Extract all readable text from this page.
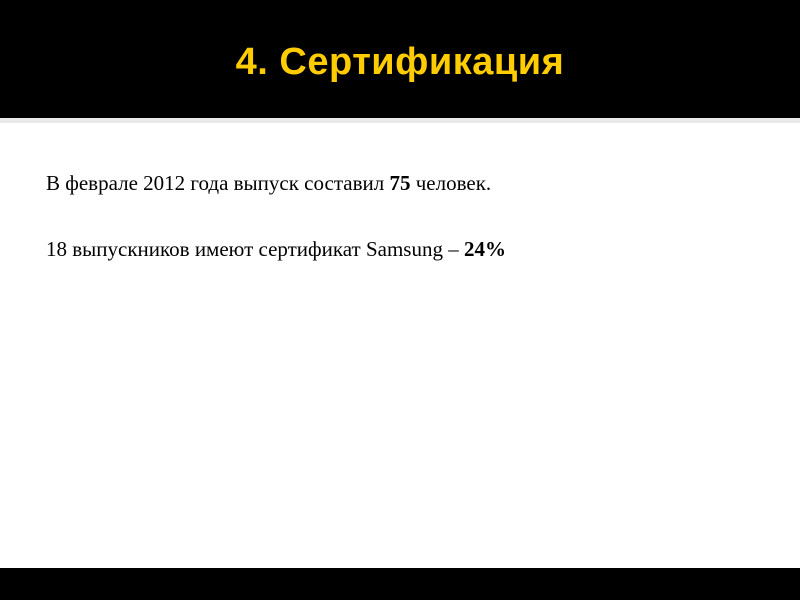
4. Сертификация

В феврале 2012 года выпуск составил 75 человек.

18 выпускников имеют сертификат Samsung – 24%
